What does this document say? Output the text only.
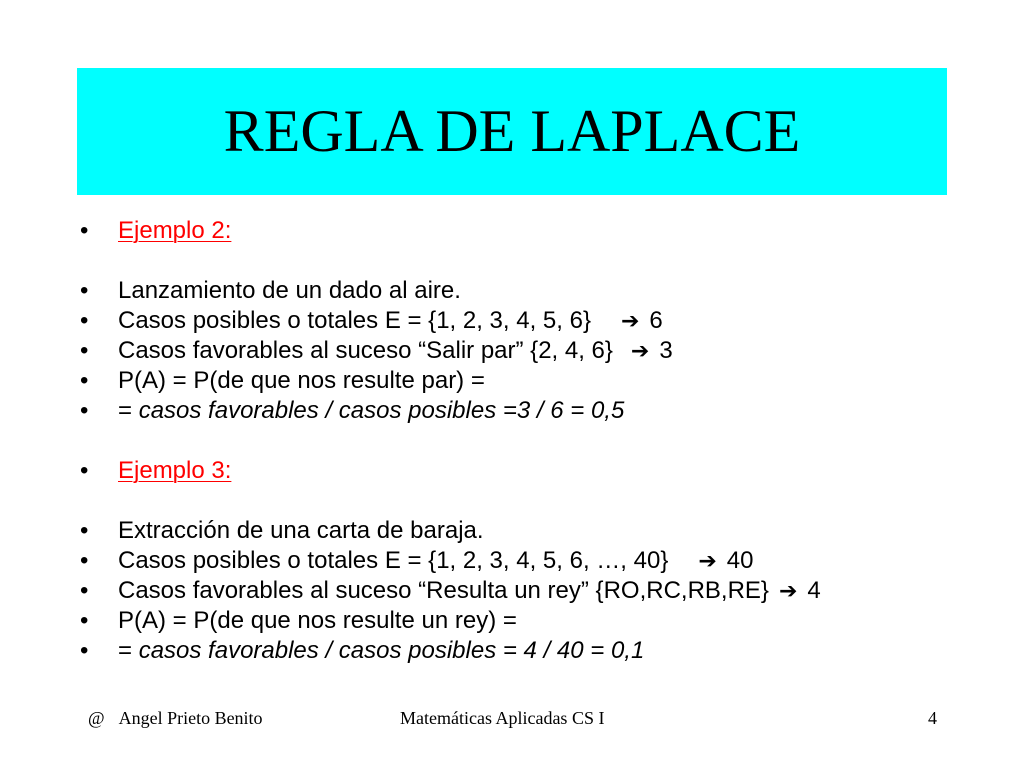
REGLA DE LAPLACE
•	Ejemplo 2:
•	Lanzamiento de un dado al aire.
•	Casos posibles o totales E = {1, 2, 3, 4, 5, 6} ➔ 6
•	Casos favorables al suceso “Salir par” {2, 4, 6} ➔ 3
•	P(A) = P(de que nos resulte par) =
•	= casos favorables / casos posibles =3 / 6 = 0,5
•	Ejemplo 3:
•	Extracción de una carta de baraja.
•	Casos posibles o totales E = {1, 2, 3, 4, 5, 6, …, 40} ➔ 40
•	Casos favorables al suceso “Resulta un rey” {RO,RC,RB,RE} ➔ 4
•	P(A) = P(de que nos resulte un rey) =
•	= casos favorables / casos posibles = 4 / 40 = 0,1
@ Angel Prieto Benito	Matemáticas Aplicadas CS I	4
